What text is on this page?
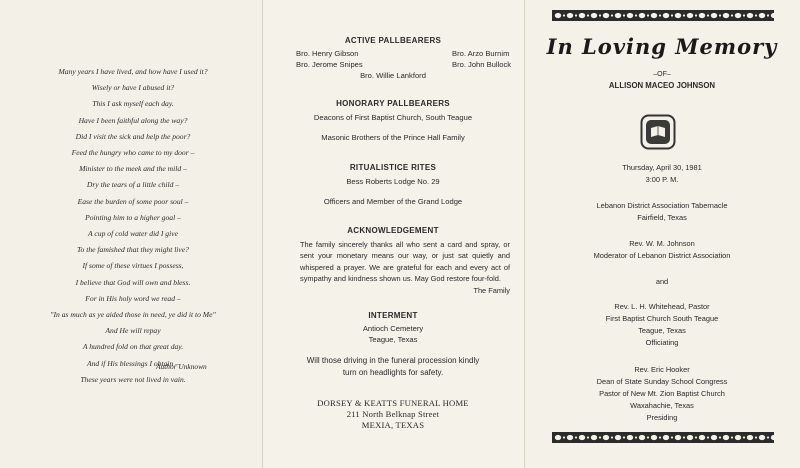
Many years I have lived, and how have I used it?
Wisely or have I abused it?
This I ask myself each day.
Have I been faithful along the way?
Did I visit the sick and help the poor?
Feed the hungry who came to my door –
Minister to the meek and the mild –
Dry the tears of a little child –
Ease the burden of some poor soul –
Pointing him to a higher goal –
A cup of cold water did I give
To the famished that they might live?
If some of these virtues I possess,
I believe that God will own and bless.
For in His holy word we read –
"In as much as ye aided those in need, ye did it to Me"
And He will repay
A hundred fold on that great day.
And if His blessings I obtain –
These years were not lived in vain.
Author Unknown
ACTIVE PALLBEARERS
Bro. Henry Gibson
Bro. Jerome Snipes
Bro. Arzo Burnim
Bro. John Bullock
Bro. Willie Lankford
HONORARY PALLBEARERS
Deacons of First Baptist Church, South Teague
Masonic Brothers of the Prince Hall Family
RITUALISTICE RITES
Bess Roberts Lodge No. 29
Officers and Member of the Grand Lodge
ACKNOWLEDGEMENT
The family sincerely thanks all who sent a card and spray, or sent your monetary means our way, or just sat quietly and whispered a prayer. We are grateful for each and every act of sympathy and kindness shown us. May God restore four-fold.
The Family
INTERMENT
Antioch Cemetery
Teague, Texas
Will those driving in the funeral procession kindly
turn on headlights for safety.
DORSEY & KEATTS FUNERAL HOME
211 North Belknap Street
MEXIA, TEXAS
In Loving Memory
–OF–
ALLISON MACEO JOHNSON
Thursday, April 30, 1981
3:00 P. M.
Lebanon District Association Tabernacle
Fairfield, Texas
Rev. W. M. Johnson
Moderator of Lebanon District Association
and
Rev. L. H. Whitehead, Pastor
First Baptist Church South Teague
Teague, Texas
Officiating
Rev. Eric Hooker
Dean of State Sunday School Congress
Pastor of New Mt. Zion Baptist Church
Waxahachie, Texas
Presiding
